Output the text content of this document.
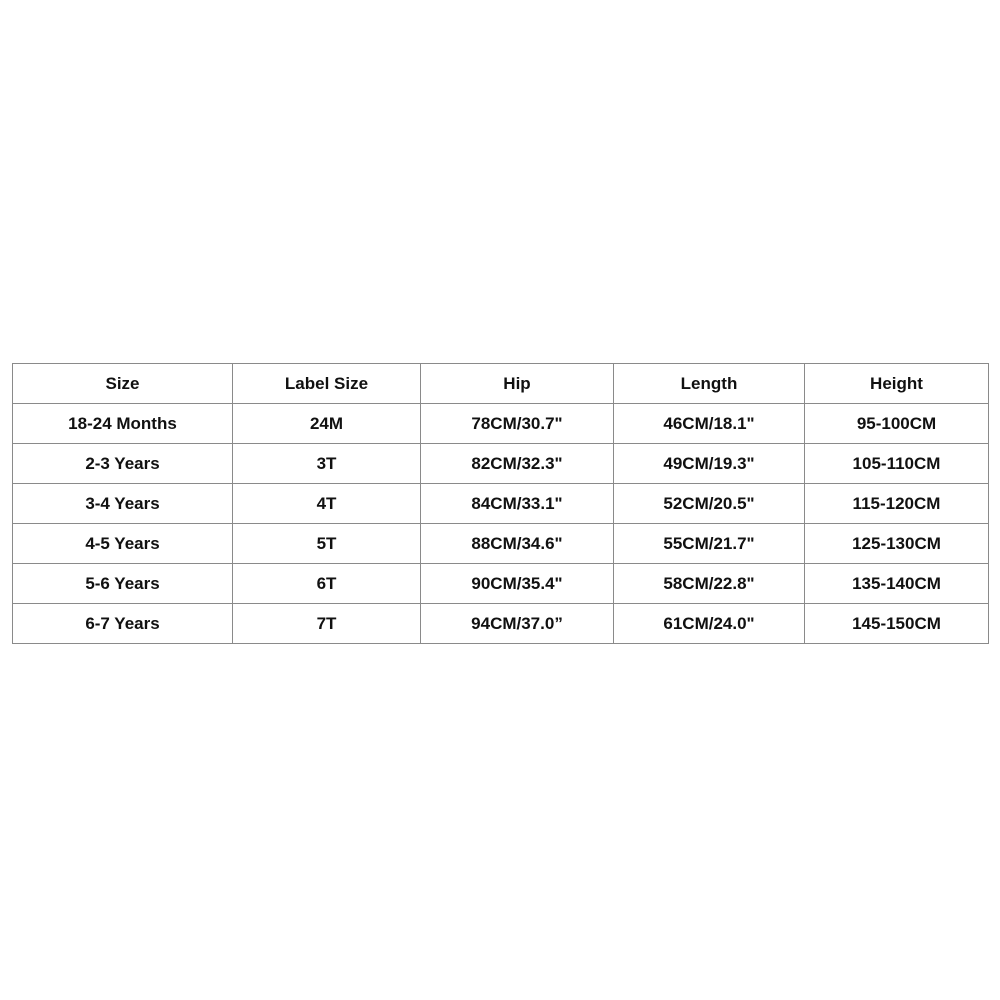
Size	Label Size	Hip	Length	Height
18-24 Months	24M	78CM/30.7"	46CM/18.1"	95-100CM
2-3 Years	3T	82CM/32.3"	49CM/19.3"	105-110CM
3-4 Years	4T	84CM/33.1"	52CM/20.5"	115-120CM
4-5 Years	5T	88CM/34.6"	55CM/21.7"	125-130CM
5-6 Years	6T	90CM/35.4"	58CM/22.8"	135-140CM
6-7 Years	7T	94CM/37.0”	61CM/24.0"	145-150CM
